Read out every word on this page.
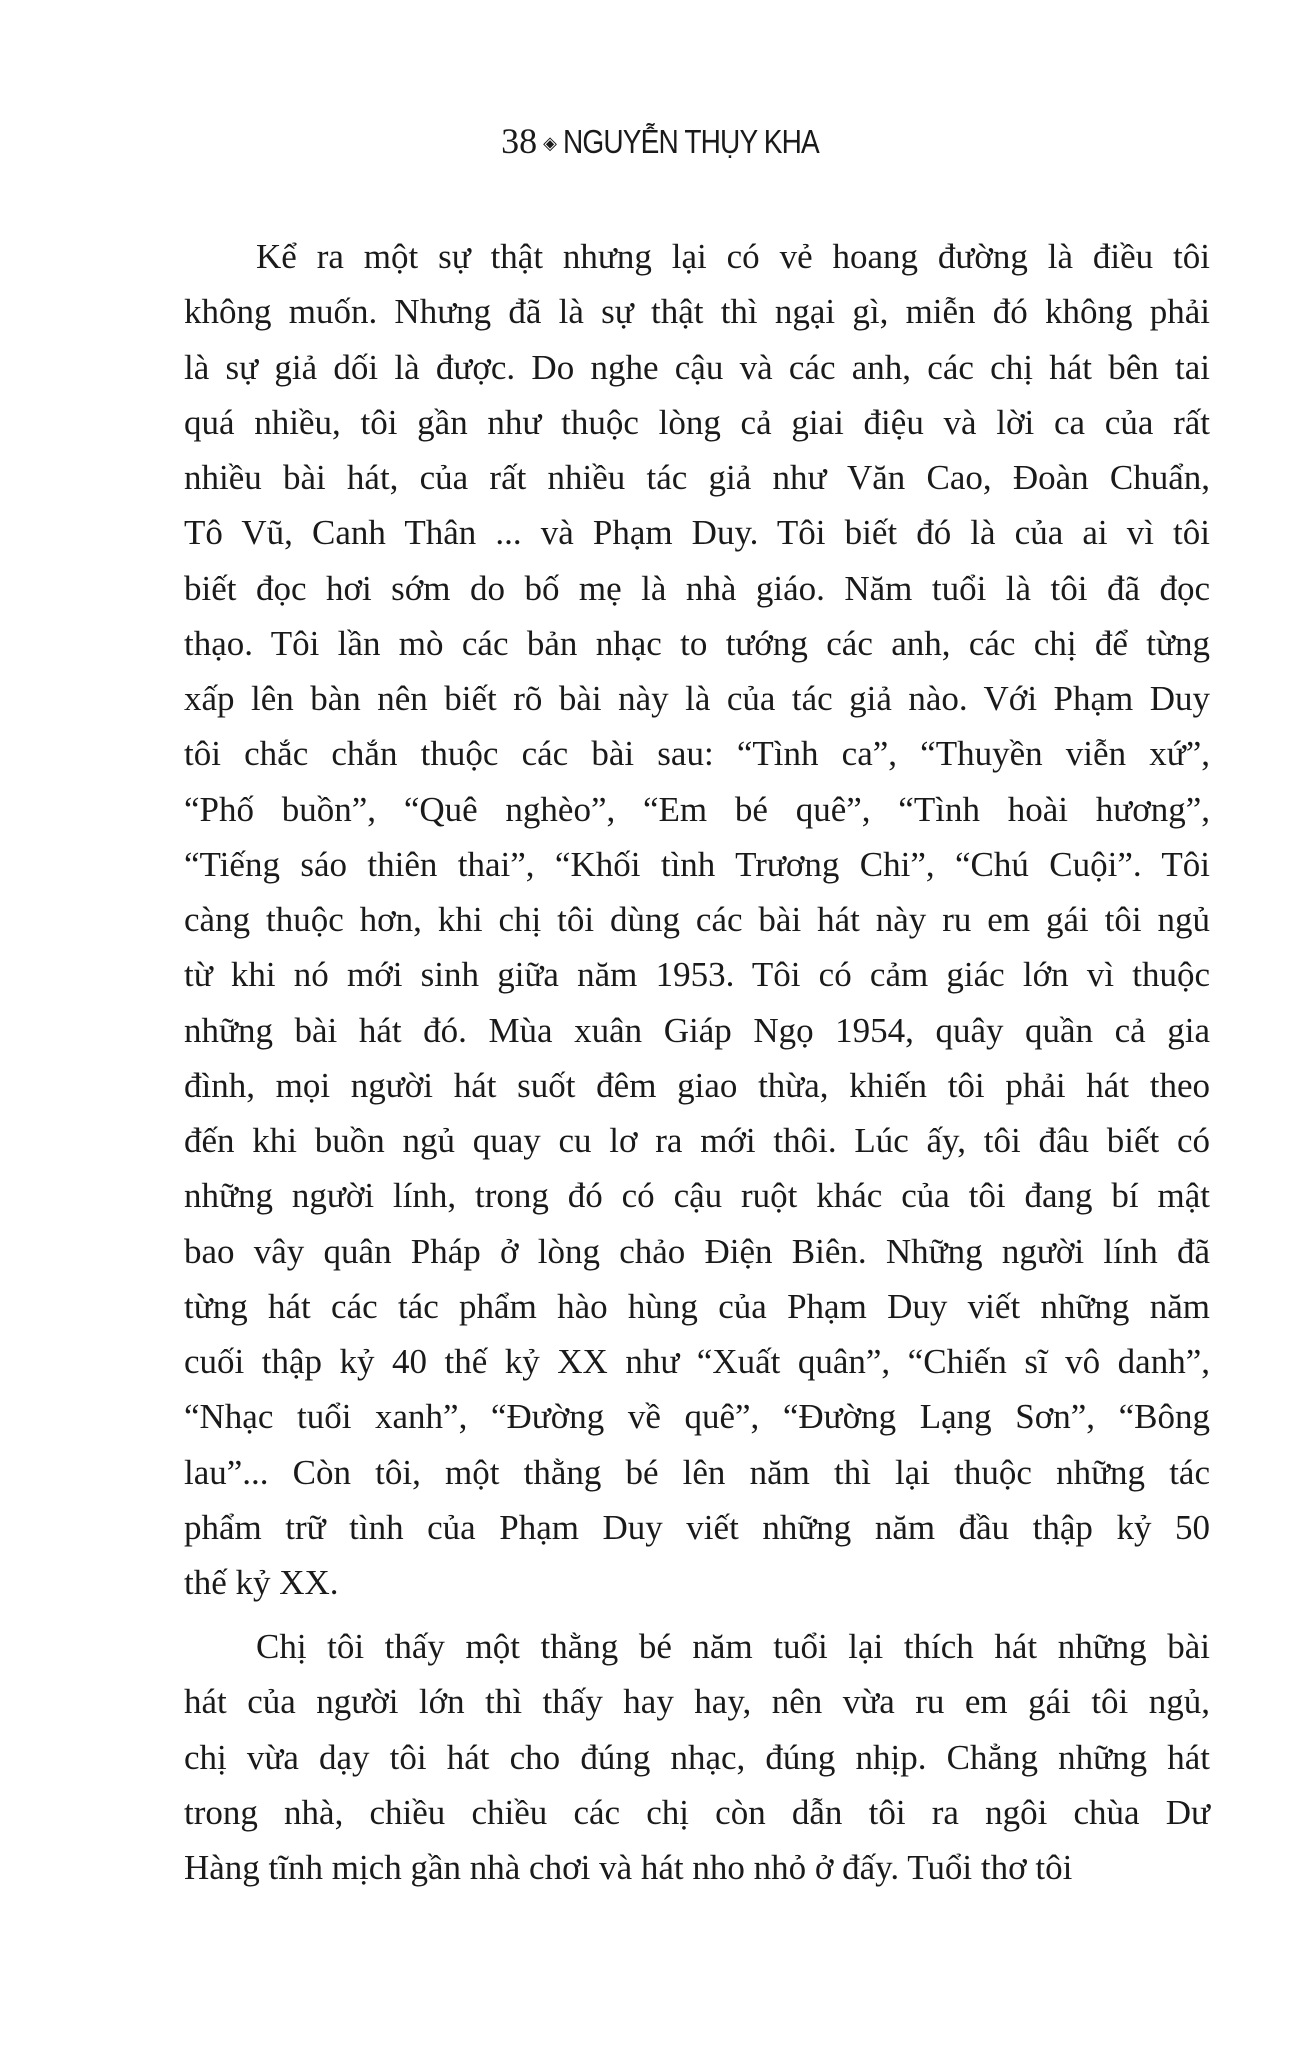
38 ◈ NGUYỄN THỤY KHA
Kể ra một sự thật nhưng lại có vẻ hoang đường là điều tôi
không muốn. Nhưng đã là sự thật thì ngại gì, miễn đó không phải
là sự giả dối là được. Do nghe cậu và các anh, các chị hát bên tai
quá nhiều, tôi gần như thuộc lòng cả giai điệu và lời ca của rất
nhiều bài hát, của rất nhiều tác giả như Văn Cao, Đoàn Chuẩn,
Tô Vũ, Canh Thân ... và Phạm Duy. Tôi biết đó là của ai vì tôi
biết đọc hơi sớm do bố mẹ là nhà giáo. Năm tuổi là tôi đã đọc
thạo. Tôi lần mò các bản nhạc to tướng các anh, các chị để từng
xấp lên bàn nên biết rõ bài này là của tác giả nào. Với Phạm Duy
tôi chắc chắn thuộc các bài sau: “Tình ca”, “Thuyền viễn xứ”,
“Phố buồn”, “Quê nghèo”, “Em bé quê”, “Tình hoài hương”,
“Tiếng sáo thiên thai”, “Khối tình Trương Chi”, “Chú Cuội”. Tôi
càng thuộc hơn, khi chị tôi dùng các bài hát này ru em gái tôi ngủ
từ khi nó mới sinh giữa năm 1953. Tôi có cảm giác lớn vì thuộc
những bài hát đó. Mùa xuân Giáp Ngọ 1954, quây quần cả gia
đình, mọi người hát suốt đêm giao thừa, khiến tôi phải hát theo
đến khi buồn ngủ quay cu lơ ra mới thôi. Lúc ấy, tôi đâu biết có
những người lính, trong đó có cậu ruột khác của tôi đang bí mật
bao vây quân Pháp ở lòng chảo Điện Biên. Những người lính đã
từng hát các tác phẩm hào hùng của Phạm Duy viết những năm
cuối thập kỷ 40 thế kỷ XX như “Xuất quân”, “Chiến sĩ vô danh”,
“Nhạc tuổi xanh”, “Đường về quê”, “Đường Lạng Sơn”, “Bông
lau”... Còn tôi, một thằng bé lên năm thì lại thuộc những tác
phẩm trữ tình của Phạm Duy viết những năm đầu thập kỷ 50
thế kỷ XX.
Chị tôi thấy một thằng bé năm tuổi lại thích hát những bài
hát của người lớn thì thấy hay hay, nên vừa ru em gái tôi ngủ,
chị vừa dạy tôi hát cho đúng nhạc, đúng nhịp. Chẳng những hát
trong nhà, chiều chiều các chị còn dẫn tôi ra ngôi chùa Dư
Hàng tĩnh mịch gần nhà chơi và hát nho nhỏ ở đấy. Tuổi thơ tôi
